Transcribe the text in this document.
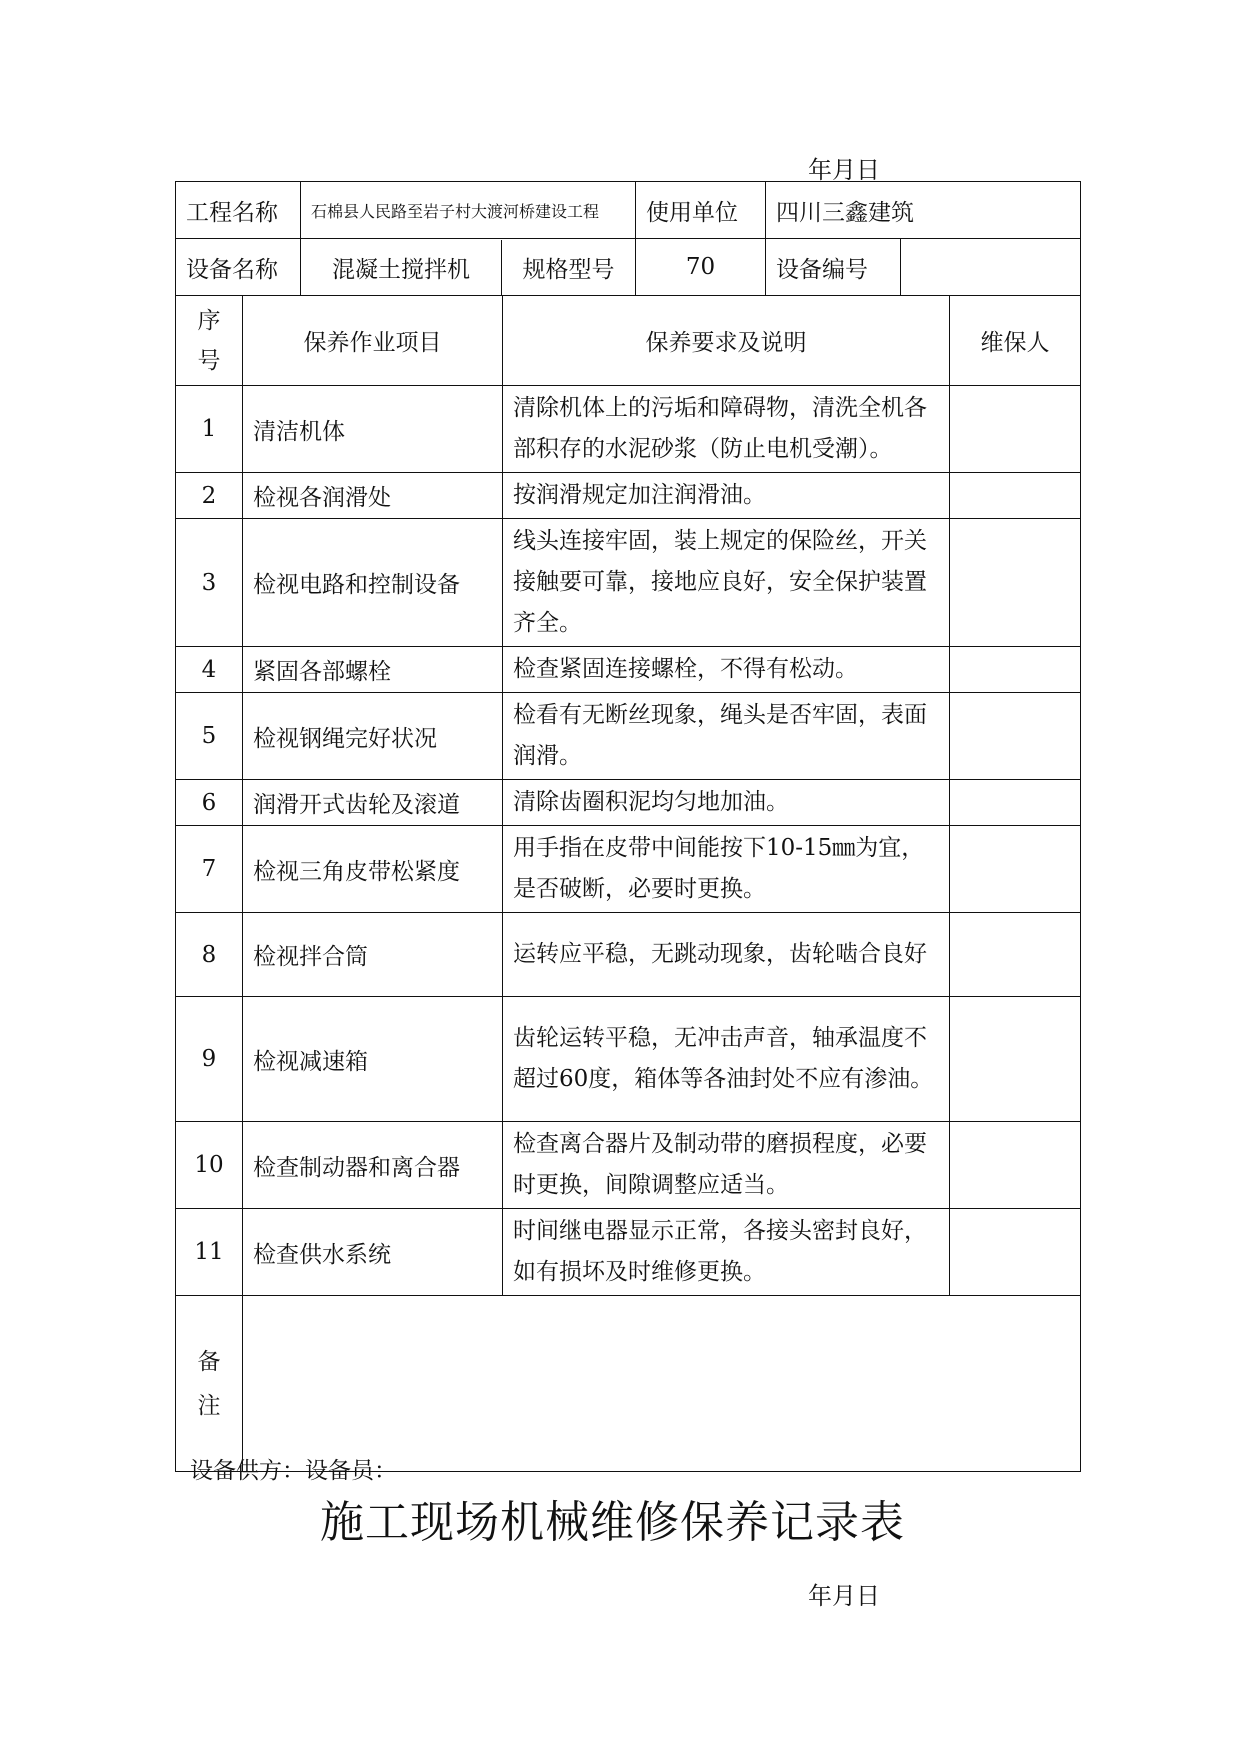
年月日
工程名称	石棉县人民路至岩子村大渡河桥建设工程	使用单位	四川三鑫建筑	
设备名称	混凝土搅拌机 规格型号	70	设备编号	
序号	保养作业项目	保养要求及说明	维保人
1	清洁机体	清除机体上的污垢和障碍物，清洗全机各部积存的水泥砂浆（防止电机受潮）。	
2	检视各润滑处	按润滑规定加注润滑油。	
3	检视电路和控制设备	线头连接牢固，装上规定的保险丝，开关接触要可靠，接地应良好，安全保护装置齐全。	
4	紧固各部螺栓	检查紧固连接螺栓，不得有松动。	
5	检视钢绳完好状况	检看有无断丝现象，绳头是否牢固，表面润滑。	
6	润滑开式齿轮及滚道	清除齿圈积泥均匀地加油。	
7	检视三角皮带松紧度	用手指在皮带中间能按下10-15㎜为宜，是否破断，必要时更换。	
8	检视拌合筒	运转应平稳，无跳动现象，齿轮啮合良好	
9	检视减速箱	齿轮运转平稳，无冲击声音，轴承温度不超过60度，箱体等各油封处不应有渗油。	
10	检查制动器和离合器	检查离合器片及制动带的磨损程度，必要时更换，间隙调整应适当。	
11	检查供水系统	时间继电器显示正常，各接头密封良好，如有损坏及时维修更换。	
备注			
设备供方：设备员：
施工现场机械维修保养记录表
年月日
